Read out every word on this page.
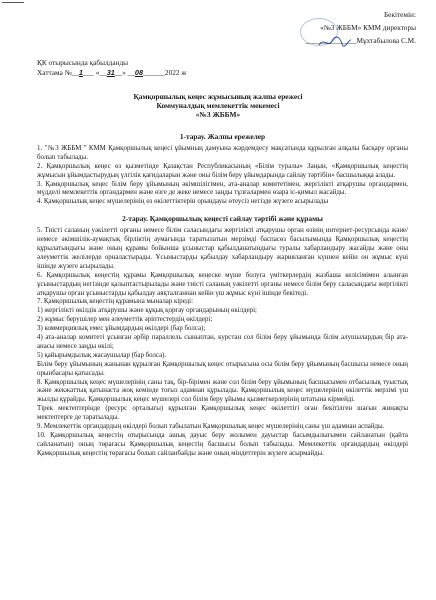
Бекітемін:
«№3 ЖББМ» КММ директоры
______________Мұхтабылова С.М.
ҚК отырысында қабылданды
Хаттама №__1___ «__31__» __08______2022 ж
Қамқоршылық кеңес жұмысының жалпы ережесі
Коммуналдық мемлекеттік мекемесі
«№3 ЖББМ»
1-тарау. Жалпы ережелер

1. "№3 ЖББМ " КММ Қамқоршылық кеңесі ұйымның дамуына жәрдемдесу мақсатында құрылған алқалы басқару органы болып табылады.

2. Қамқоршылық кеңес өз қызметінде Қазақстан Республикасының «Білім туралы» Заңын, «Қамқоршылық кеңестің жұмысын ұйымдастырудың үлгілік қағидаларын және оны білім беру ұйымдарында сайлау тәртібін» басшылыққа алады.

3. Қамқоршылық кеңес білім беру ұйымының әкімшілігімен, ата-аналар комитетімен, жергілікті атқарушы органдармен, мүдделі мемлекеттік органдармен және өзге де жеке немесе заңды тұлғалармен өзара іс-қимыл жасайды.

4. Қамқоршылық кеңес мүшелерінің өз өкілеттіктерін орындауы өтеусіз негізде жүзеге асырылады

2-тарау. Қамқоршылық кеңесті сайлау тәртібі және құрамы

5. Тиісті саланың уәкілетті органы немесе білім саласындағы жергілікті атқарушы орган өзінің интернет-ресурсында және/немесе әкімшілік-аумақтық бірліктің аумағында таратылатын мерзімді баспасөз басылымында Қамқоршылық кеңестің құрылатындығы және оның құрамы бойынша ұсыныстар қабылданатындығы туралы хабарландыру жасайды және оны әлеуметтік желілерде орналастырады. Ұсыныстарды қабылдау хабарландыру жарияланған күннен кейін он жұмыс күні ішінде жүзеге асырылады.

6. Қамқоршылық кеңестің құрамы Қамқоршылық кеңеске мүше болуға үміткерлердің жазбаша келісімімен алынған ұсыныстардың негізінде қалыптастырылады және тиісті саланың уәкілетті органы немесе білім беру саласындағы жергілікті атқарушы орган ұсыныстарды қабылдау аяқталғаннан кейін үш жұмыс күні ішінде бекітеді.

7. Қамқоршылық кеңестің құрамына мыналар кіреді:

1) жергілікті өкілдік атқарушы және құқық қорғау органдарының өкілдері;

2) жұмыс берушілер мен әлеуметтік әріптестердің өкілдері;

3) коммерциялық емес ұйымдардың өкілдері (бар болса);

4) ата-аналар комитеті ұсынған әрбір параллель сыныптан, курстан сол білім беру ұйымында білім алушылардың бір ата-анасы немесе заңды өкілі;

5) қайырымдылық жасаушылар (бар болса).

Білім беру ұйымының жанынан құрылған Қамқоршылық кеңес отырысына осы білім беру ұйымының басшысы немесе оның орынбасары қатысады.

8. Қамқоршылық кеңес мүшелерінің саны тақ, бір-бірімен және сол білім беру ұйымының басшысымен отбасылық туыстық және жекжаттық қатынаста жоқ кемінде тоғыз адамнан құрылады. Қамқоршылық кеңес мүшелерінің өкілеттік мерзімі үш жылды құрайды. Қамқоршылық кеңес мүшелері сол білім беру ұйымы қызметкерлерінің штатына кірмейді.

Тірек мектептерінде (ресурс орталығы) құрылған Қамқоршылық кеңес өкілеттігі оған бекітілген шағын жинақты мектептерге де таратылады.

9. Мемлекеттік органдардың өкілдері болып табылатын Қамқоршылық кеңес мүшелерінің саны үш адамнан аспайды.

10. Қамқоршылық кеңестің отырысында ашық дауыс беру жолымен дауыстар басымдылығымен сайланатын (қайта сайланатын) оның төрағасы Қамқоршылық кеңестің басшысы болып табылады. Мемлекеттік органдардың өкілдері Қамқоршылық кеңестің төрағасы болып сайланбайды және оның міндеттерін жүзеге асырмайды.
